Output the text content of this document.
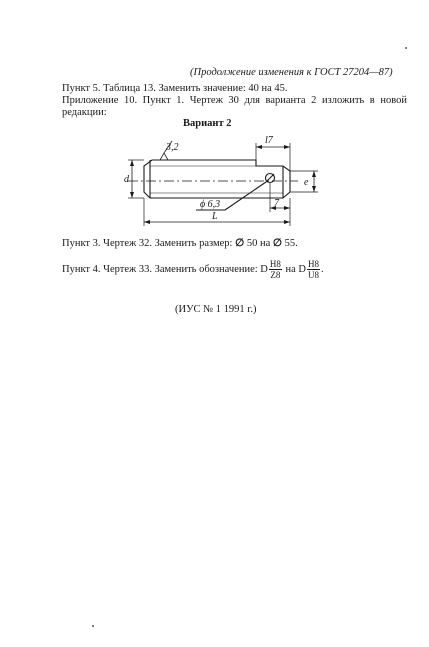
(Продолжение изменения к ГОСТ 27204—87)
Пункт 5. Таблица 13. Заменить значение: 40 на 45.
Приложение 10. Пункт 1. Чертеж 30 для варианта 2 изложить в новой редакции:
Вариант 2
3,2
l7
d	e
ϕ 6,3	7
L
Пункт 3. Чертеж 32. Заменить размер: ∅ 50 на ∅ 55.
Пункт 4. Чертеж 33. Заменить обозначение: D $\frac{H8}{Z8}$ на D $\frac{H8}{U8}$ .
(ИУС № 1 1991 г.)
